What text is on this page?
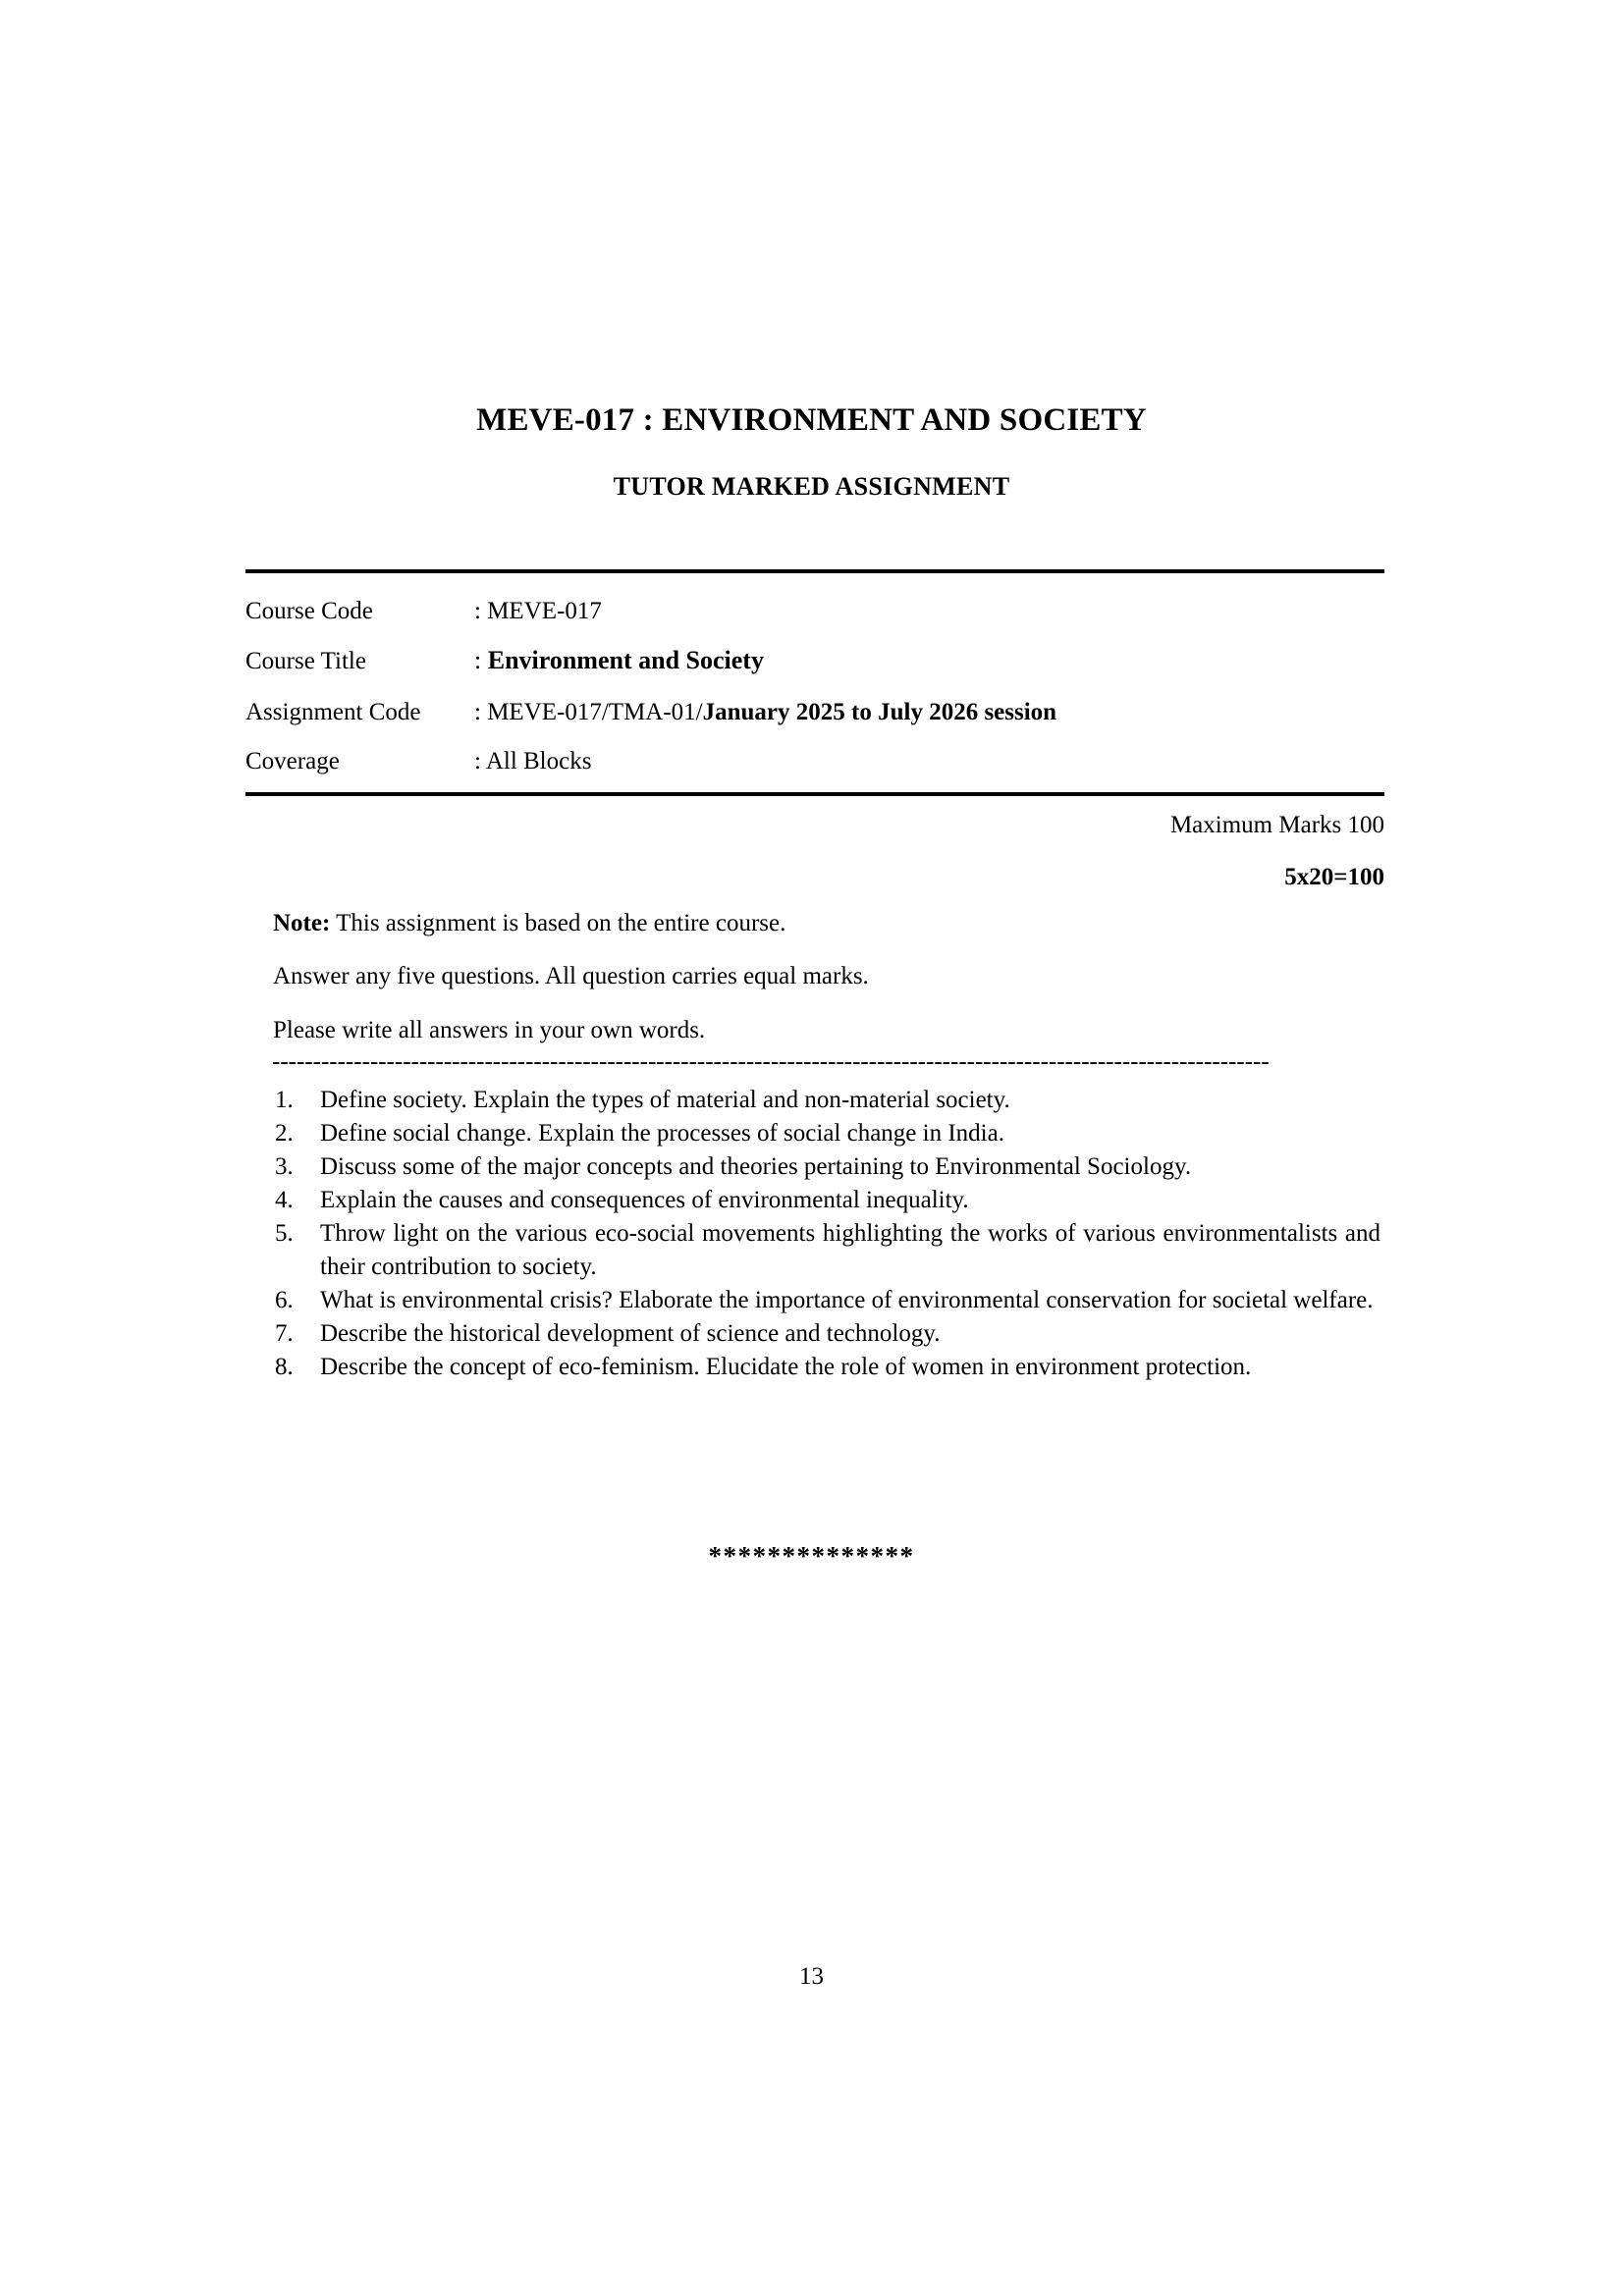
MEVE-017 : ENVIRONMENT AND SOCIETY
TUTOR MARKED ASSIGNMENT
Course Code	: MEVE-017
Course Title	: Environment and Society
Assignment Code	: MEVE-017/TMA-01/January 2025 to July 2026 session
Coverage	: All Blocks
Maximum Marks 100
5x20=100
Note: This assignment is based on the entire course.
Answer any five questions. All question carries equal marks.
Please write all answers in your own words.
--------------------------------------------------------------------------------------------------------------------------
1.	Define society. Explain the types of material and non-material society.
2.	Define social change. Explain the processes of social change in India.
3.	Discuss some of the major concepts and theories pertaining to Environmental Sociology.
4.	Explain the causes and consequences of environmental inequality.
5.	Throw light on the various eco-social movements highlighting the works of various environmentalists and their contribution to society.
6.	What is environmental crisis? Elaborate the importance of environmental conservation for societal welfare.
7.	Describe the historical development of science and technology.
8.	Describe the concept of eco-feminism. Elucidate the role of women in environment protection.
**************
13
